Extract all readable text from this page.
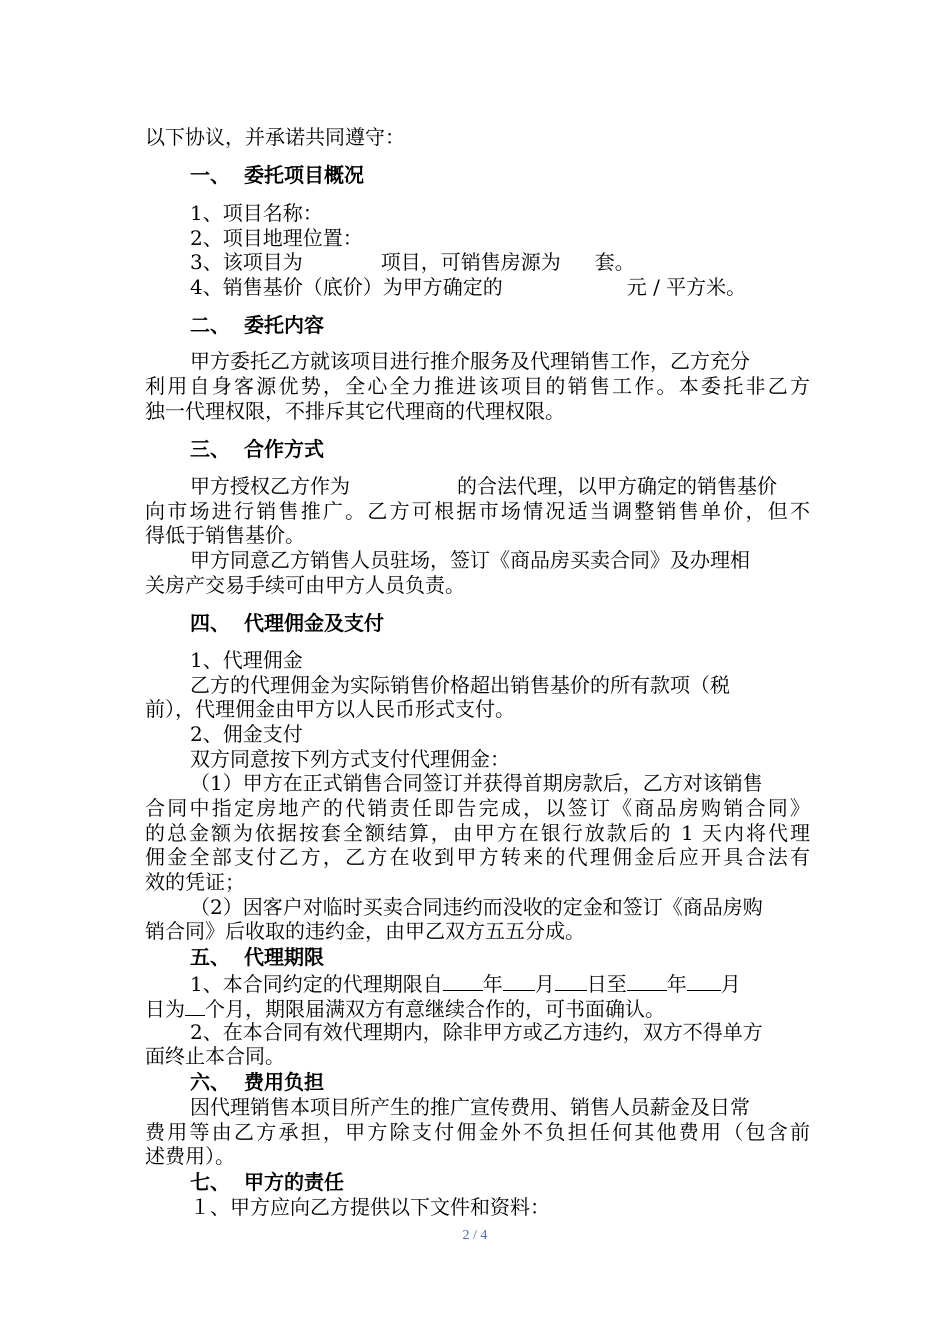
以下协议，并承诺共同遵守：
一、 委托项目概况
1、项目名称：
2、项目地理位置：
3、该项目为	项目，可销售房源为 套。
4、销售基价（底价）为甲方确定的	元 / 平方米。
二、 委托内容
甲方委托乙方就该项目进行推介服务及代理销售工作，乙方充分
利用自身客源优势，全心全力推进该项目的销售工作。本委托非乙方
独一代理权限，不排斥其它代理商的代理权限。
三、 合作方式
甲方授权乙方作为	的合法代理，以甲方确定的销售基价
向市场进行销售推广。乙方可根据市场情况适当调整销售单价，但不
得低于销售基价。
甲方同意乙方销售人员驻场，签订《商品房买卖合同》及办理相
关房产交易手续可由甲方人员负责。
四、 代理佣金及支付
1、代理佣金
乙方的代理佣金为实际销售价格超出销售基价的所有款项（税
前），代理佣金由甲方以人民币形式支付。
2、佣金支付
双方同意按下列方式支付代理佣金：
（1）甲方在正式销售合同签订并获得首期房款后，乙方对该销售
合同中指定房地产的代销责任即告完成，以签订《商品房购销合同》
的总金额为依据按套全额结算，由甲方在银行放款后的 1 天内将代理
佣金全部支付乙方，乙方在收到甲方转来的代理佣金后应开具合法有
效的凭证；
（2）因客户对临时买卖合同违约而没收的定金和签订《商品房购
销合同》后收取的违约金，由甲乙双方五五分成。
五、 代理期限
1、本合同约定的代理期限自 年 月 日至 年 月
日为 个月，期限届满双方有意继续合作的，可书面确认。
2、在本合同有效代理期内，除非甲方或乙方违约，双方不得单方
面终止本合同。
六、 费用负担
因代理销售本项目所产生的推广宣传费用、销售人员薪金及日常
费用等由乙方承担，甲方除支付佣金外不负担任何其他费用（包含前
述费用）。
七、 甲方的责任
１、甲方应向乙方提供以下文件和资料：
2 / 4
